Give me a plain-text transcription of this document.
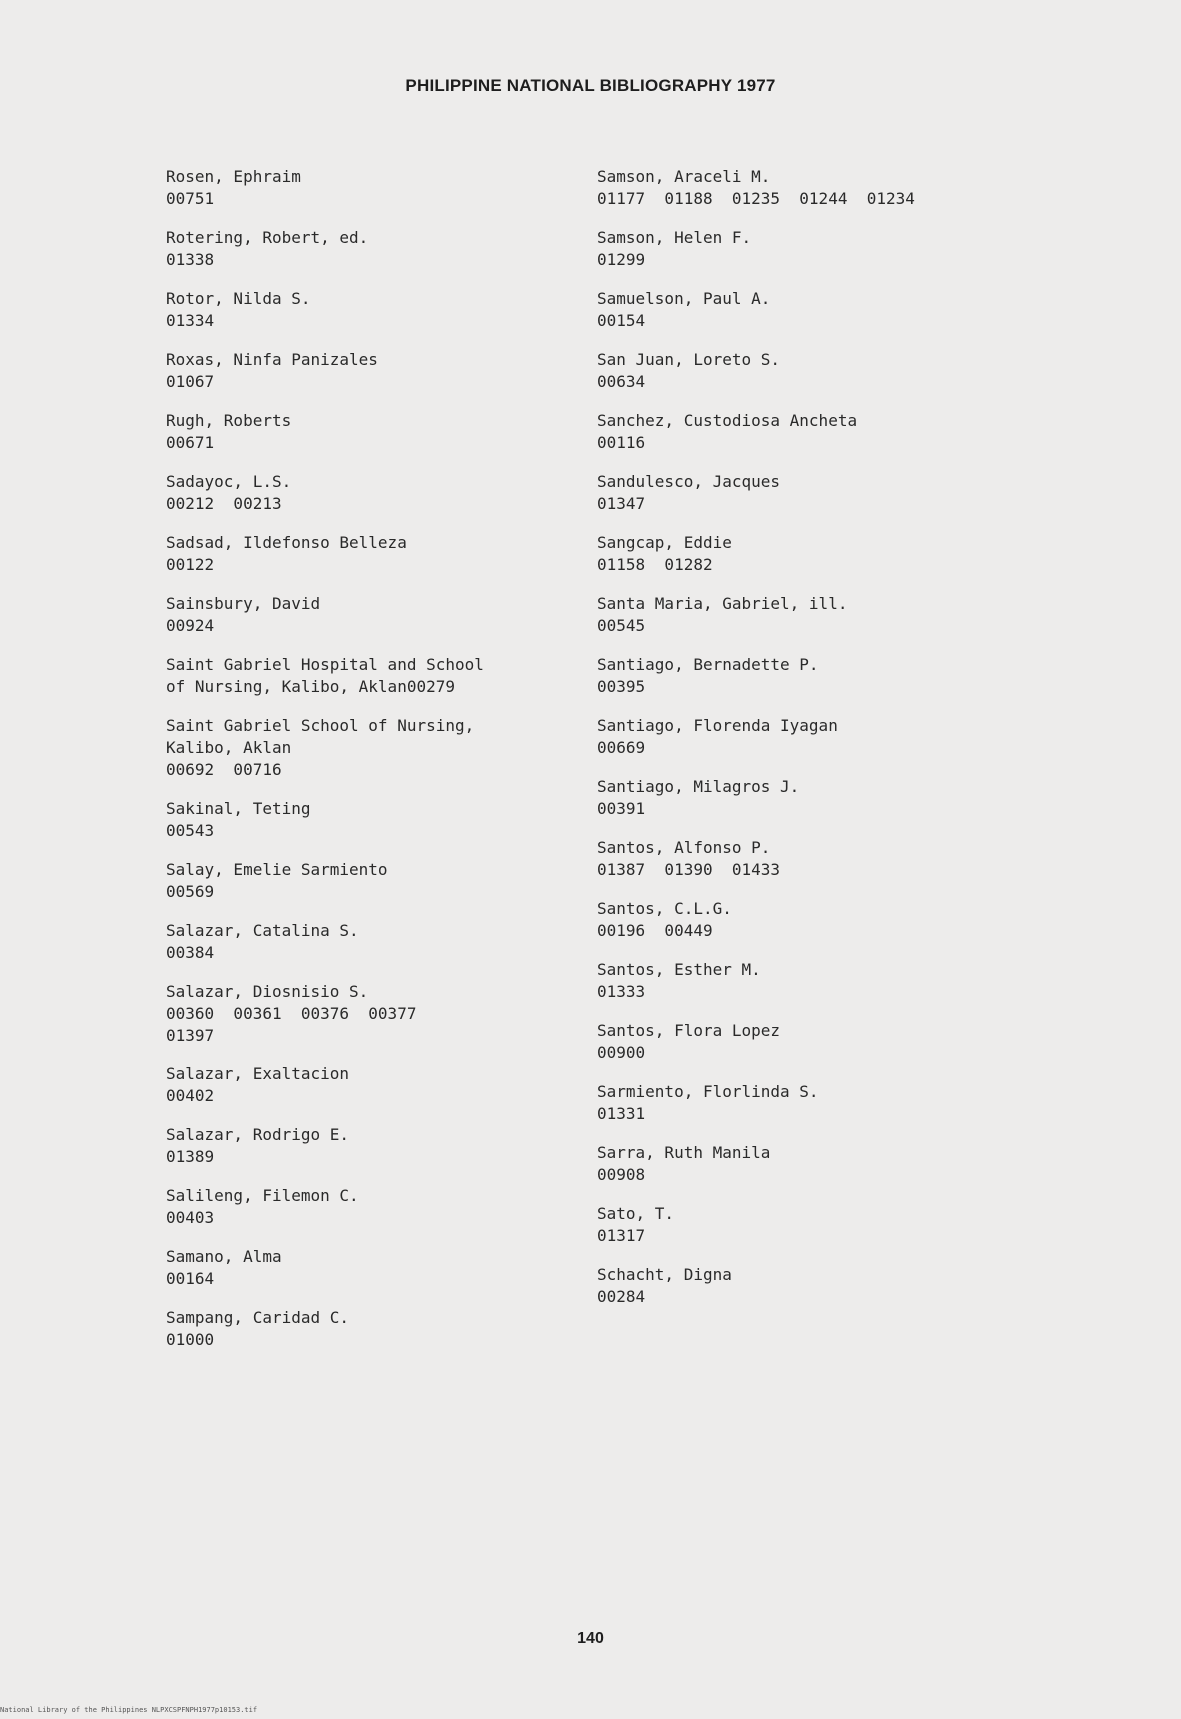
PHILIPPINE NATIONAL BIBLIOGRAPHY 1977
Rosen, Ephraim
00751
Rotering, Robert, ed.
01338
Rotor, Nilda S.
01334
Roxas, Ninfa Panizales
01067
Rugh, Roberts
00671
Sadayoc, L.S.
00212  00213
Sadsad, Ildefonso Belleza
00122
Sainsbury, David
00924
Saint Gabriel Hospital and School
of Nursing, Kalibo, Aklan00279
Saint Gabriel School of Nursing,
Kalibo, Aklan
00692  00716
Sakinal, Teting
00543
Salay, Emelie Sarmiento
00569
Salazar, Catalina S.
00384
Salazar, Diosnisio S.
00360  00361  00376  00377
01397
Salazar, Exaltacion
00402
Salazar, Rodrigo E.
01389
Salileng, Filemon C.
00403
Samano, Alma
00164
Sampang, Caridad C.
01000
Samson, Araceli M.
01177  01188  01235  01244  01234
Samson, Helen F.
01299
Samuelson, Paul A.
00154
San Juan, Loreto S.
00634
Sanchez, Custodiosa Ancheta
00116
Sandulesco, Jacques
01347
Sangcap, Eddie
01158  01282
Santa Maria, Gabriel, ill.
00545
Santiago, Bernadette P.
00395
Santiago, Florenda Iyagan
00669
Santiago, Milagros J.
00391
Santos, Alfonso P.
01387  01390  01433
Santos, C.L.G.
00196  00449
Santos, Esther M.
01333
Santos, Flora Lopez
00900
Sarmiento, Florlinda S.
01331
Sarra, Ruth Manila
00908
Sato, T.
01317
Schacht, Digna
00284
140
National Library of the Philippines NLPXCSPFNPH1977p10153.tif
